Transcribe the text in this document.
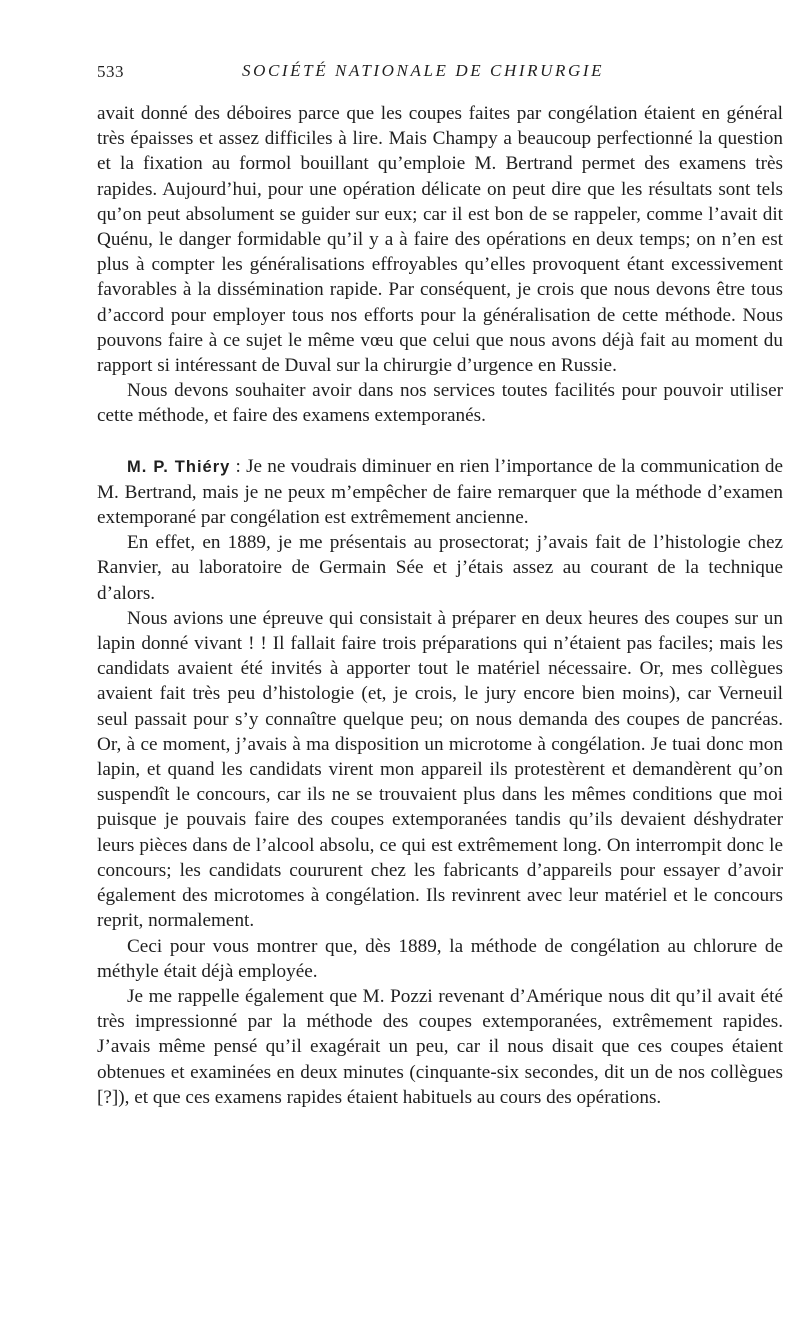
533	SOCIÉTÉ NATIONALE DE CHIRURGIE

avait donné des déboires parce que les coupes faites par congélation étaient en général très épaisses et assez difficiles à lire. Mais Champy a beaucoup perfectionné la question et la fixation au formol bouillant qu’emploie M. Bertrand permet des examens très rapides. Aujourd’hui, pour une opération délicate on peut dire que les résultats sont tels qu’on peut absolument se guider sur eux; car il est bon de se rappeler, comme l’avait dit Quénu, le danger formidable qu’il y a à faire des opérations en deux temps; on n’en est plus à compter les généralisations effroyables qu’elles provoquent étant excessivement favorables à la dissémination rapide. Par conséquent, je crois que nous devons être tous d’accord pour employer tous nos efforts pour la généralisation de cette méthode. Nous pouvons faire à ce sujet le même vœu que celui que nous avons déjà fait au moment du rapport si intéressant de Duval sur la chirurgie d’urgence en Russie.

Nous devons souhaiter avoir dans nos services toutes facilités pour pouvoir utiliser cette méthode, et faire des examens extemporanés.

M. P. Thiéry : Je ne voudrais diminuer en rien l’importance de la communication de M. Bertrand, mais je ne peux m’empêcher de faire remarquer que la méthode d’examen extemporané par congélation est extrêmement ancienne.

En effet, en 1889, je me présentais au prosectorat; j’avais fait de l’histologie chez Ranvier, au laboratoire de Germain Sée et j’étais assez au courant de la technique d’alors.

Nous avions une épreuve qui consistait à préparer en deux heures des coupes sur un lapin donné vivant ! ! Il fallait faire trois préparations qui n’étaient pas faciles; mais les candidats avaient été invités à apporter tout le matériel nécessaire. Or, mes collègues avaient fait très peu d’histologie (et, je crois, le jury encore bien moins), car Verneuil seul passait pour s’y connaître quelque peu; on nous demanda des coupes de pancréas. Or, à ce moment, j’avais à ma disposition un microtome à congélation. Je tuai donc mon lapin, et quand les candidats virent mon appareil ils protestèrent et demandèrent qu’on suspendît le concours, car ils ne se trouvaient plus dans les mêmes conditions que moi puisque je pouvais faire des coupes extemporanées tandis qu’ils devaient déshydrater leurs pièces dans de l’alcool absolu, ce qui est extrêmement long. On interrompit donc le concours; les candidats coururent chez les fabricants d’appareils pour essayer d’avoir également des microtomes à congélation. Ils revinrent avec leur matériel et le concours reprit, normalement.

Ceci pour vous montrer que, dès 1889, la méthode de congélation au chlorure de méthyle était déjà employée.

Je me rappelle également que M. Pozzi revenant d’Amérique nous dit qu’il avait été très impressionné par la méthode des coupes extemporanées, extrêmement rapides. J’avais même pensé qu’il exagérait un peu, car il nous disait que ces coupes étaient obtenues et examinées en deux minutes (cinquante-six secondes, dit un de nos collègues [?]), et que ces examens rapides étaient habituels au cours des opérations.
